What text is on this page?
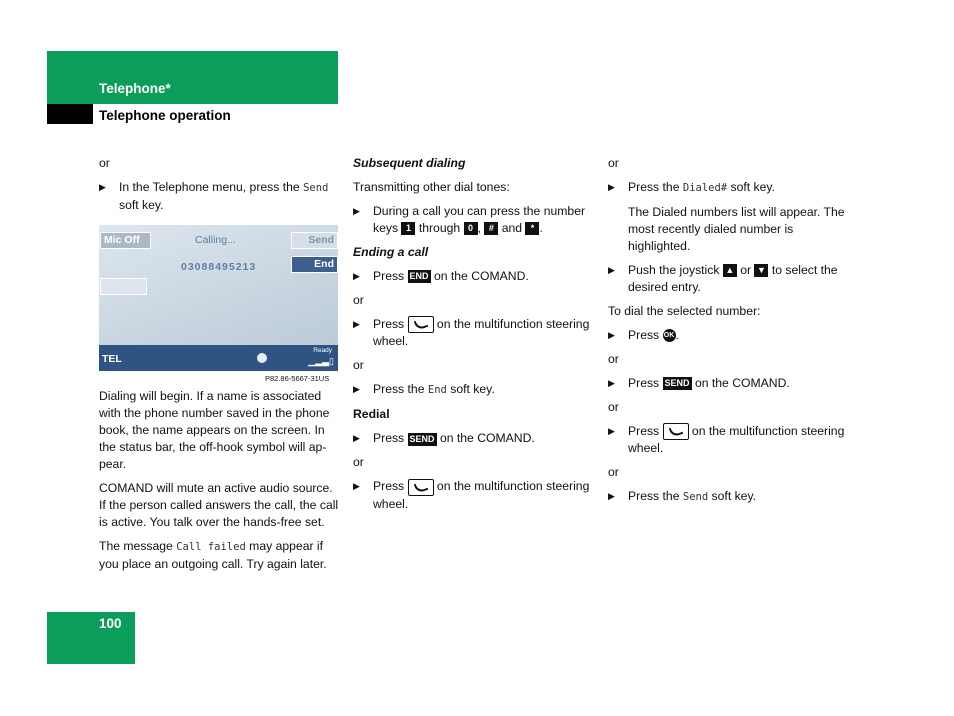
Telephone*
Telephone operation

or

▶ In the Telephone menu, press the Send soft key.

Mic Off	Calling...	Send
End
03088495213
TEL
Ready
▁▂▃▯
P82.86-5667-31US

Dialing will begin. If a name is associated with the phone number saved in the phone book, the name appears on the screen. In the status bar, the off-hook symbol will ap-pear.

COMAND will mute an active audio source. If the person called answers the call, the call is active. You talk over the hands-free set.

The message Call failed may appear if you place an outgoing call. Try again later.

Subsequent dialing

Transmitting other dial tones:

▶ During a call you can press the number keys 1 through 0 , # and * .

Ending a call

▶ Press END on the COMAND.

or

▶ Press  on the multifunction steering wheel.

or

▶ Press the End soft key.

Redial

▶ Press SEND on the COMAND.

or

▶ Press  on the multifunction steering wheel.

or

▶ Press the Dialed# soft key.

The Dialed numbers list will appear. The most recently dialed number is highlighted.

▶ Push the joystick ▲ or ▼ to select the desired entry.

To dial the selected number:

▶ Press OK.

or

▶ Press SEND on the COMAND.

or

▶ Press  on the multifunction steering wheel.

or

▶ Press the Send soft key.

100
